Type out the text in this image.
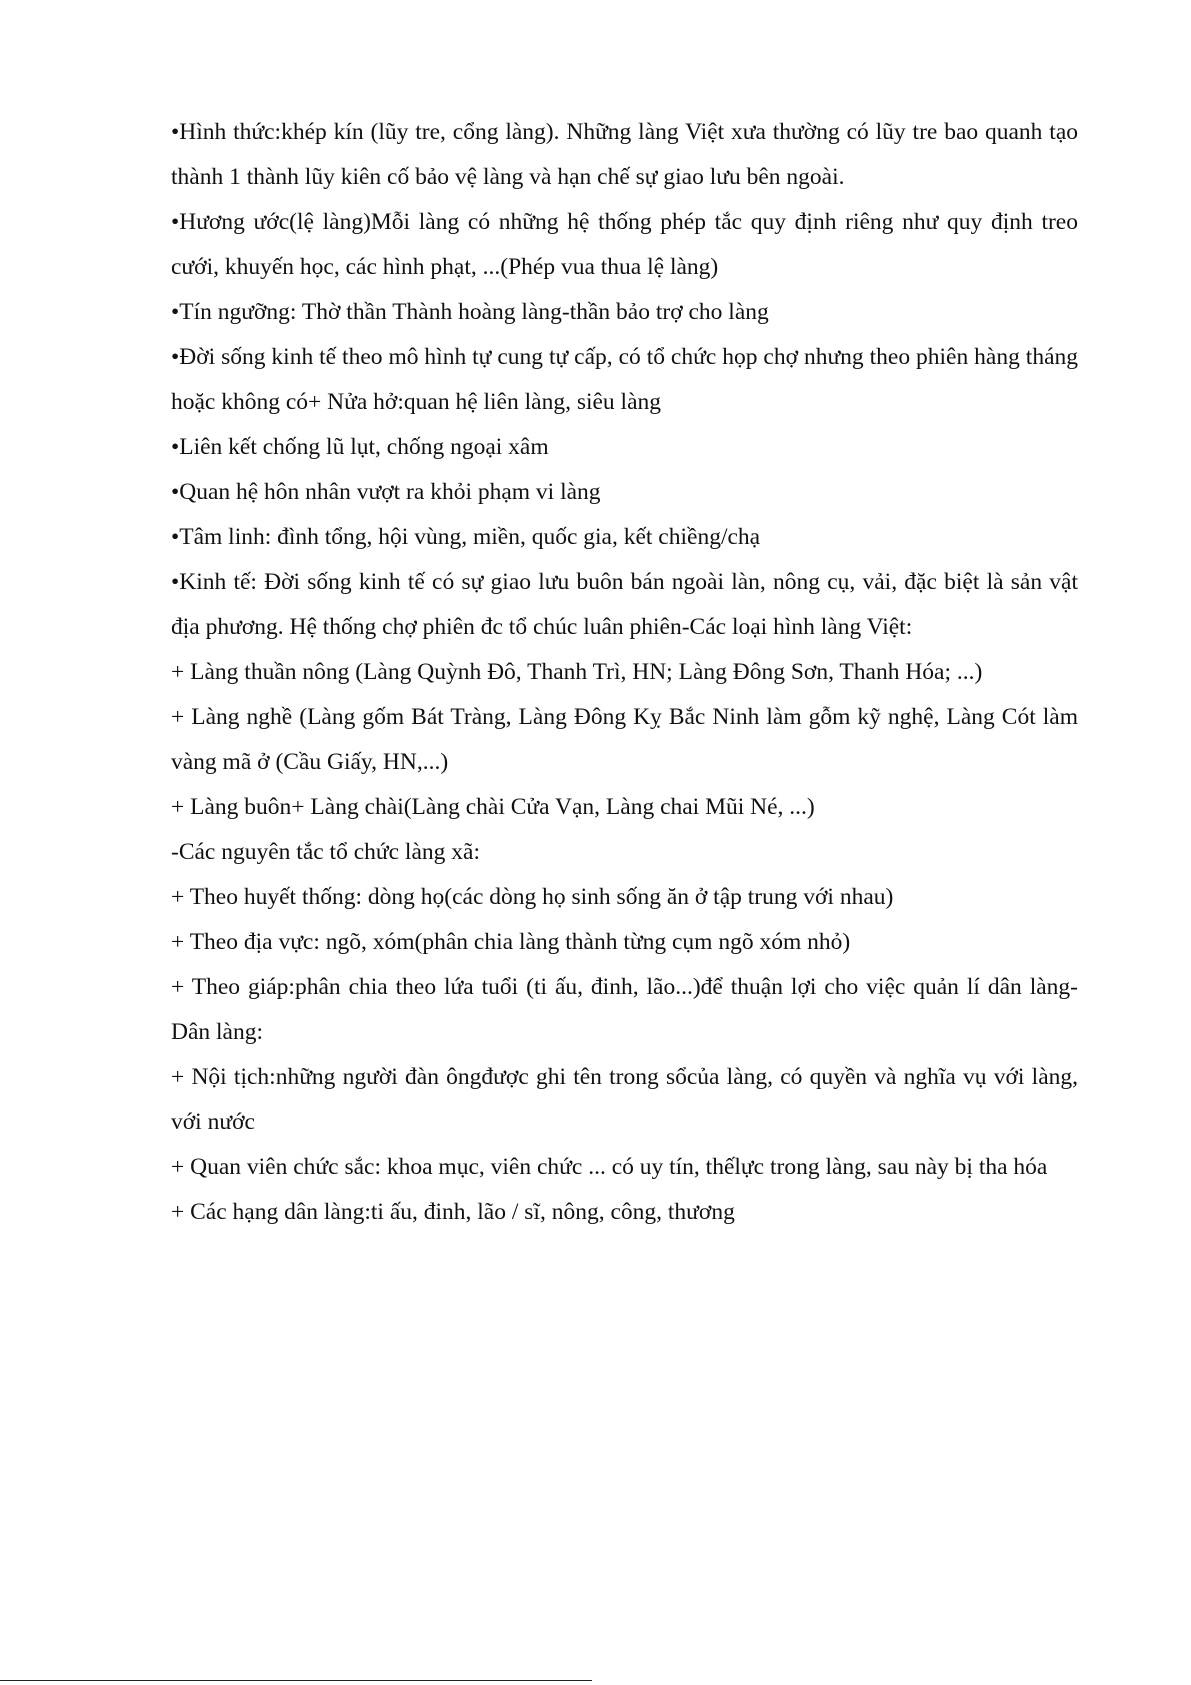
•Hình thức:khép kín (lũy tre, cổng làng). Những làng Việt xưa thường có lũy tre bao quanh tạo thành 1 thành lũy kiên cố bảo vệ làng và hạn chế sự giao lưu bên ngoài.

•Hương ước(lệ làng)Mỗi làng có những hệ thống phép tắc quy định riêng như quy định treo cưới, khuyến học, các hình phạt, ...(Phép vua thua lệ làng)

•Tín ngưỡng: Thờ thần Thành hoàng làng-thần bảo trợ cho làng

•Đời sống kinh tế theo mô hình tự cung tự cấp, có tổ chức họp chợ nhưng theo phiên hàng tháng hoặc không có+ Nửa hở:quan hệ liên làng, siêu làng

•Liên kết chống lũ lụt, chống ngoại xâm

•Quan hệ hôn nhân vượt ra khỏi phạm vi làng

•Tâm linh: đình tổng, hội vùng, miền, quốc gia, kết chiềng/chạ

•Kinh tế: Đời sống kinh tế có sự giao lưu buôn bán ngoài làn, nông cụ, vải, đặc biệt là sản vật địa phương. Hệ thống chợ phiên đc tổ chúc luân phiên-Các loại hình làng Việt:

+ Làng thuần nông (Làng Quỳnh Đô, Thanh Trì, HN; Làng Đông Sơn, Thanh Hóa; ...)

+ Làng nghề (Làng gốm Bát Tràng, Làng Đông Kỵ Bắc Ninh làm gỗm kỹ nghệ, Làng Cót làm vàng mã ở (Cầu Giấy, HN,...)

+ Làng buôn+ Làng chài(Làng chài Cửa Vạn, Làng chai Mũi Né, ...)

-Các nguyên tắc tổ chức làng xã:

+ Theo huyết thống: dòng họ(các dòng họ sinh sống ăn ở tập trung với nhau)

+ Theo địa vực: ngõ, xóm(phân chia làng thành từng cụm ngõ xóm nhỏ)

+ Theo giáp:phân chia theo lứa tuổi (ti ấu, đinh, lão...)để thuận lợi cho việc quản lí dân làng-Dân làng:

+ Nội tịch:những người đàn ôngđược ghi tên trong sổcủa làng, có quyền và nghĩa vụ với làng, với nước

+ Quan viên chức sắc: khoa mục, viên chức ... có uy tín, thếlực trong làng, sau này bị tha hóa

+ Các hạng dân làng:ti ấu, đinh, lão / sĩ, nông, công, thương
